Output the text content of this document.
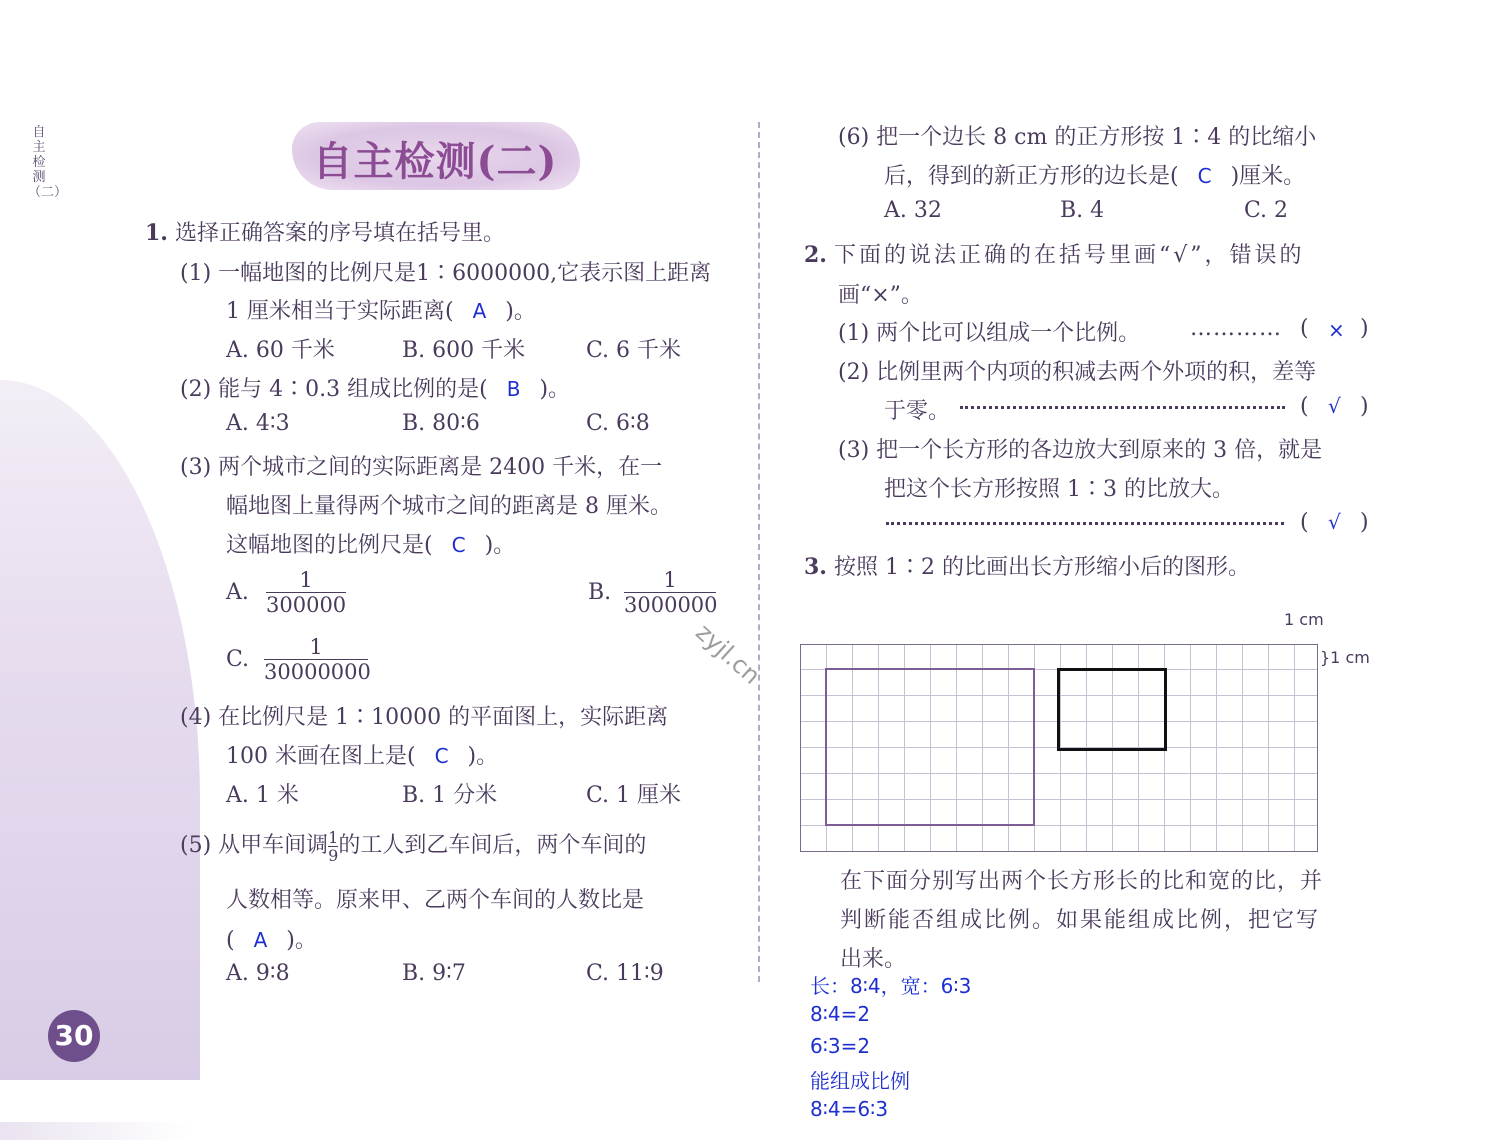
自主检测（二）
30
自主检测(二)
zyjl.cn
1. 选择正确答案的序号填在括号里。
(1) 一幅地图的比例尺是1∶6000000,它表示图上距离
1 厘米相当于实际距离( A )。
A. 60 千米	B. 600 千米	C. 6 千米
(2) 能与 4∶0.3 组成比例的是( B )。
A. 4∶3	B. 80∶6	C. 6∶8
(3) 两个城市之间的实际距离是 2400 千米，在一
幅地图上量得两个城市之间的距离是 8 厘米。
这幅地图的比例尺是( C )。
A. $\frac{1}{300000}$	B. $\frac{1}{3000000}$
C. $\frac{1}{30000000}$
(4) 在比例尺是 1∶10000 的平面图上，实际距离
100 米画在图上是( C )。
A. 1 米	B. 1 分米	C. 1 厘米
(5) 从甲车间调 $\frac{1}{9}$ 的工人到乙车间后，两个车间的
人数相等。原来甲、乙两个车间的人数比是
( A )。
A. 9∶8	B. 9∶7	C. 11∶9
(6) 把一个边长 8 cm 的正方形按 1∶4 的比缩小
后，得到的新正方形的边长是( C )厘米。
A. 32	B. 4	C. 2
2. 下面的说法正确的在括号里画“√”，错误的
画“×”。
(1) 两个比可以组成一个比例。 ………… ( × )
(2) 比例里两个内项的积减去两个外项的积，差等
于零。	( √ )
(3) 把一个长方形的各边放大到原来的 3 倍，就是
把这个长方形按照 1∶3 的比放大。
( √ )
3. 按照 1∶2 的比画出长方形缩小后的图形。
1 cm
}1 cm
在下面分别写出两个长方形长的比和宽的比，并
判断能否组成比例。如果能组成比例，把它写
出来。
长：8∶4，宽：6∶3
8∶4=2
6∶3=2
能组成比例
8∶4=6∶3
